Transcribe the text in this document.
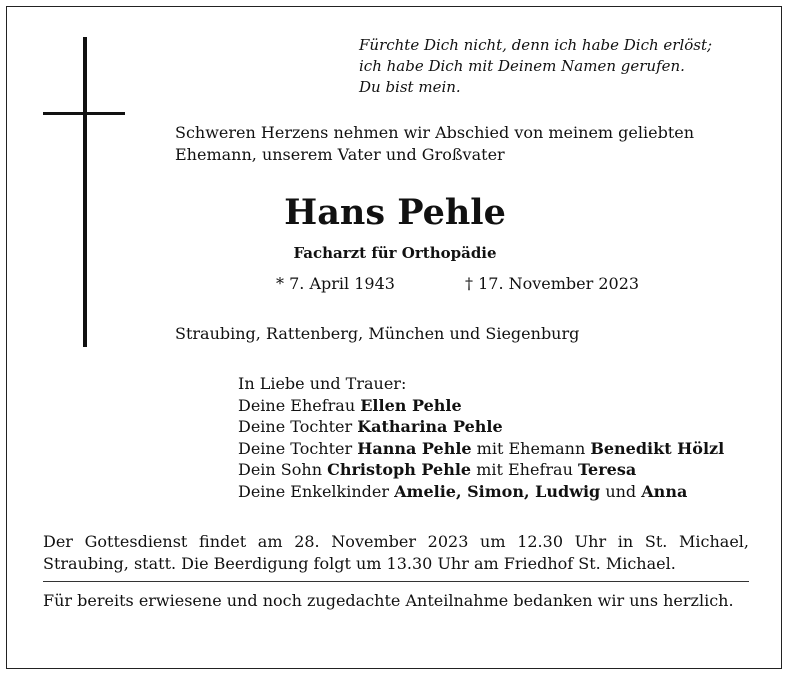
Fürchte Dich nicht, denn ich habe Dich erlöst;
ich habe Dich mit Deinem Namen gerufen.
Du bist mein.
Schweren Herzens nehmen wir Abschied von meinem geliebten
Ehemann, unserem Vater und Großvater
Hans Pehle
Facharzt für Orthopädie
* 7. April 1943	† 17. November 2023
Straubing, Rattenberg, München und Siegenburg
In Liebe und Trauer:
Deine Ehefrau Ellen Pehle
Deine Tochter Katharina Pehle
Deine Tochter Hanna Pehle mit Ehemann Benedikt Hölzl
Dein Sohn Christoph Pehle mit Ehefrau Teresa
Deine Enkelkinder Amelie, Simon, Ludwig und Anna
Der Gottesdienst findet am 28. November 2023 um 12.30 Uhr in St. Michael, Straubing, statt. Die Beerdigung folgt um 13.30 Uhr am Friedhof St. Michael.
Für bereits erwiesene und noch zugedachte Anteilnahme bedanken wir uns herzlich.
